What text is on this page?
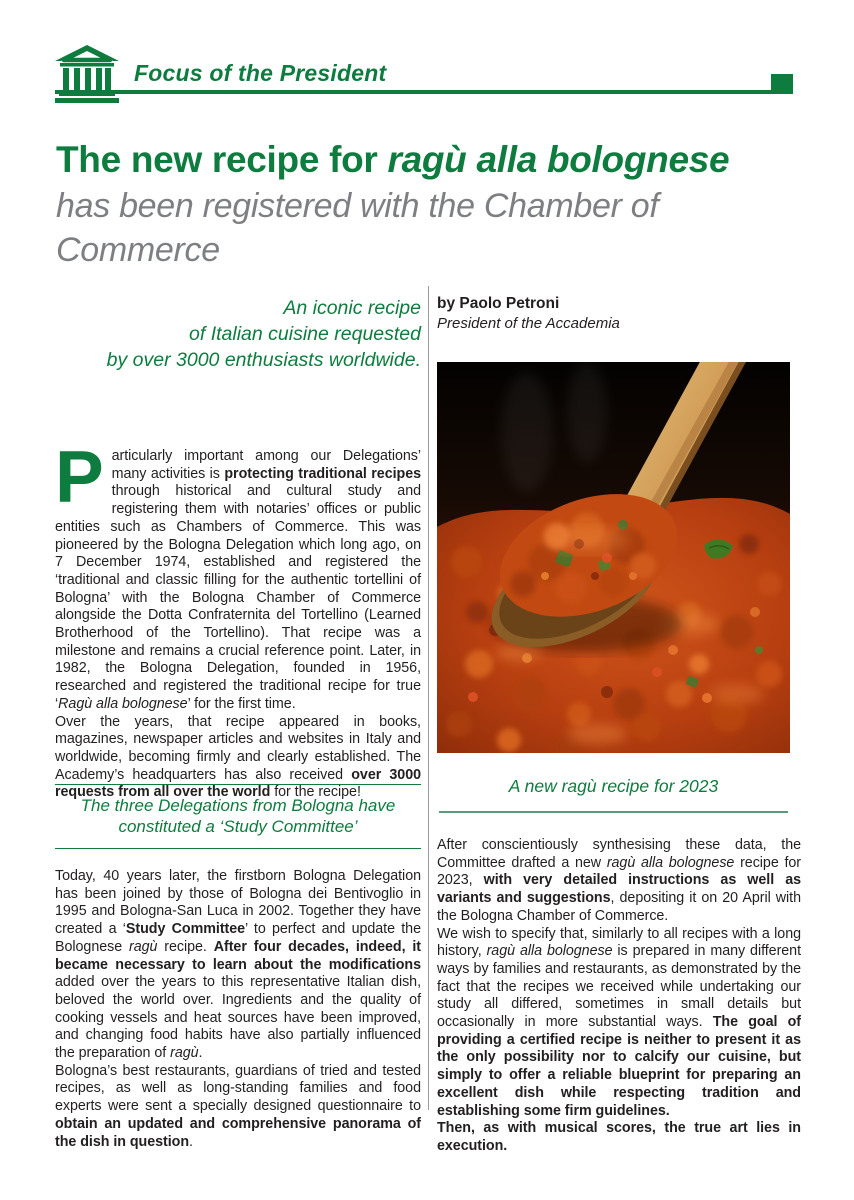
Focus of the President
The new recipe for ragù alla bolognese
has been registered with the Chamber of Commerce
An iconic recipe
of Italian cuisine requested
by over 3000 enthusiasts worldwide.
by Paolo Petroni
President of the Accademia
A new ragù recipe for 2023

Particularly important among our Delegations’ many activities is protecting traditional recipes through historical and cultural study and registering them with notaries’ offices or public entities such as Chambers of Commerce. This was pioneered by the Bologna Delegation which long ago, on 7 December 1974, established and registered the ‘traditional and classic filling for the authentic tortellini of Bologna’ with the Bologna Chamber of Commerce alongside the Dotta Confraternita del Tortellino (Learned Brotherhood of the Tortellino). That recipe was a milestone and remains a crucial reference point. Later, in 1982, the Bologna Delegation, founded in 1956, researched and registered the traditional recipe for true ‘Ragù alla bolognese’ for the first time.

Over the years, that recipe appeared in books, magazines, newspaper articles and websites in Italy and worldwide, becoming firmly and clearly established. The Academy’s headquarters has also received over 3000 requests from all over the world for the recipe!

The three Delegations from Bologna have constituted a ‘Study Committee’

Today, 40 years later, the firstborn Bologna Delegation has been joined by those of Bologna dei Bentivoglio in 1995 and Bologna-San Luca in 2002. Together they have created a ‘Study Committee’ to perfect and update the Bolognese ragù recipe. After four decades, indeed, it became necessary to learn about the modifications added over the years to this representative Italian dish, beloved the world over. Ingredients and the quality of cooking vessels and heat sources have been improved, and changing food habits have also partially influenced the preparation of ragù.

Bologna’s best restaurants, guardians of tried and tested recipes, as well as long-standing families and food experts were sent a specially designed questionnaire to obtain an updated and comprehensive panorama of the dish in question.

After conscientiously synthesising these data, the Committee drafted a new ragù alla bolognese recipe for 2023, with very detailed instructions as well as variants and suggestions, depositing it on 20 April with the Bologna Chamber of Commerce.

We wish to specify that, similarly to all recipes with a long history, ragù alla bolognese is prepared in many different ways by families and restaurants, as demonstrated by the fact that the recipes we received while undertaking our study all differed, sometimes in small details but occasionally in more substantial ways. The goal of providing a certified recipe is neither to present it as the only possibility nor to calcify our cuisine, but simply to offer a reliable blueprint for preparing an excellent dish while respecting tradition and establishing some firm guidelines.

Then, as with musical scores, the true art lies in execution.
